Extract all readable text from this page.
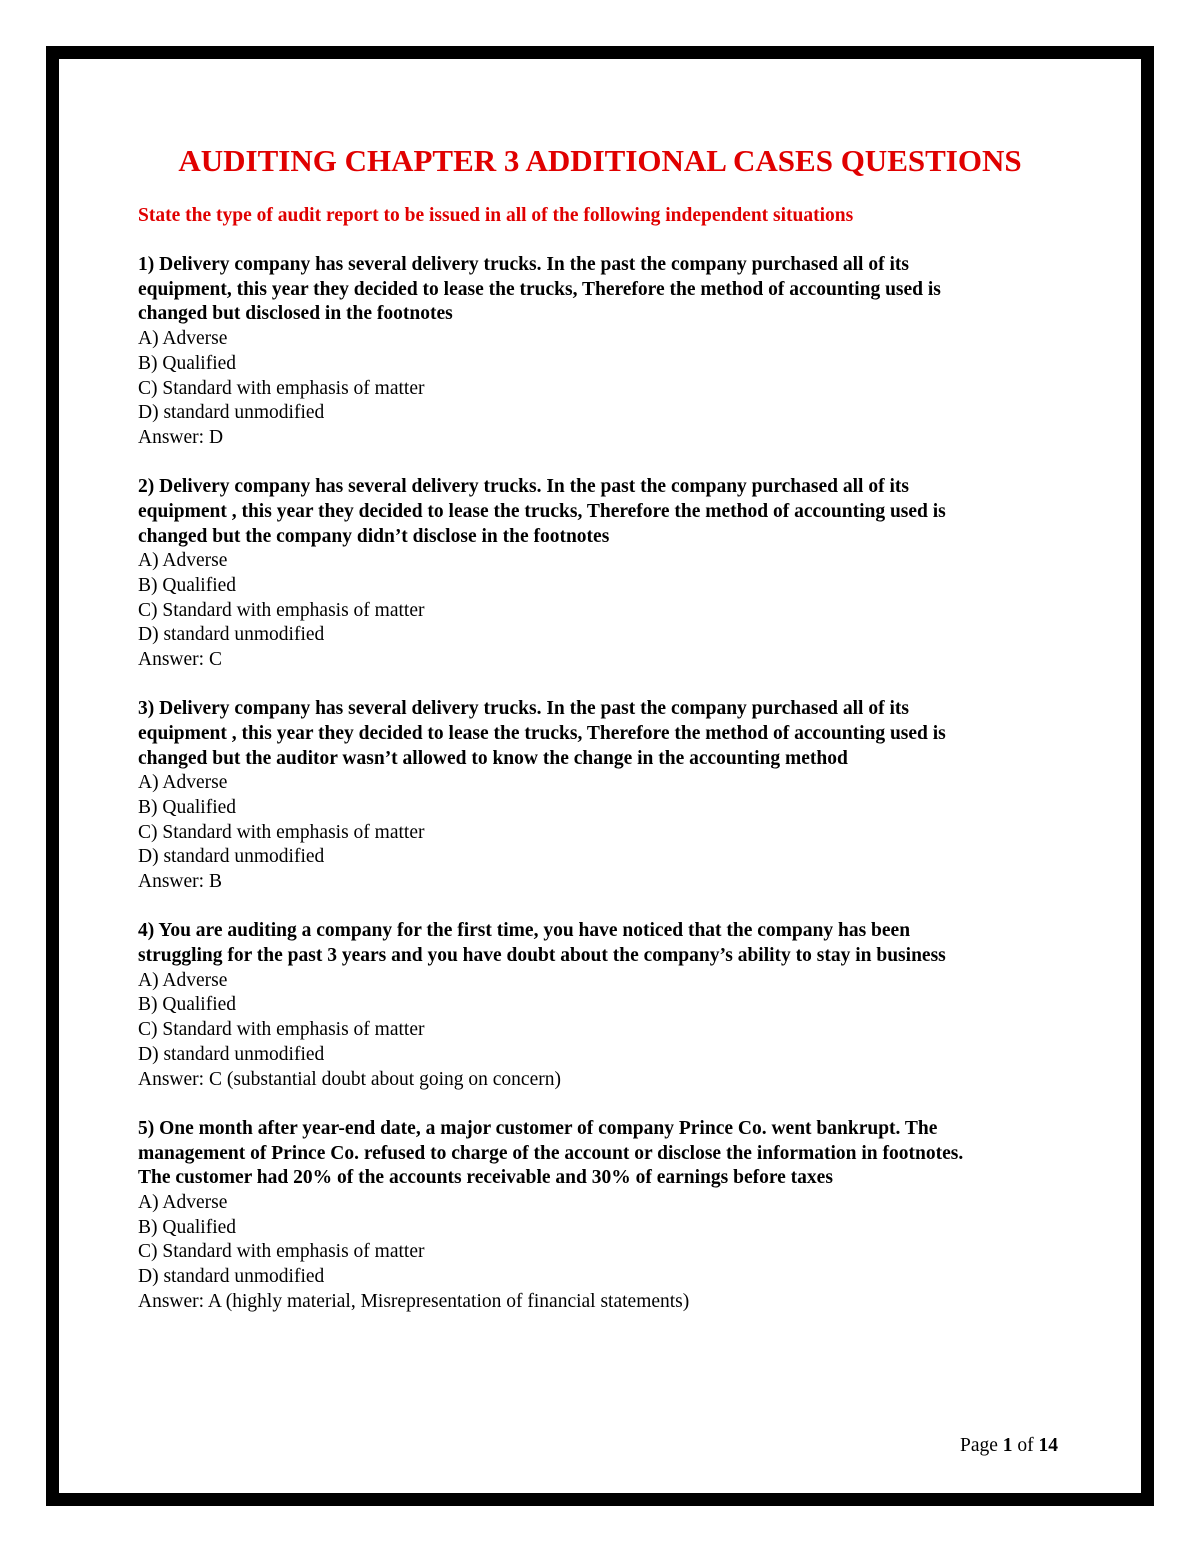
AUDITING CHAPTER 3 ADDITIONAL CASES QUESTIONS

State the type of audit report to be issued in all of the following independent situations

1) Delivery company has several delivery trucks. In the past the company purchased all of its
equipment, this year they decided to lease the trucks, Therefore the method of accounting used is
changed but disclosed in the footnotes
A) Adverse
B) Qualified
C) Standard with emphasis of matter
D) standard unmodified
Answer: D
2) Delivery company has several delivery trucks. In the past the company purchased all of its
equipment , this year they decided to lease the trucks, Therefore the method of accounting used is
changed but the company didn’t disclose in the footnotes
A) Adverse
B) Qualified
C) Standard with emphasis of matter
D) standard unmodified
Answer: C
3) Delivery company has several delivery trucks. In the past the company purchased all of its
equipment , this year they decided to lease the trucks, Therefore the method of accounting used is
changed but the auditor wasn’t allowed to know the change in the accounting method
A) Adverse
B) Qualified
C) Standard with emphasis of matter
D) standard unmodified
Answer: B
4) You are auditing a company for the first time, you have noticed that the company has been
struggling for the past 3 years and you have doubt about the company’s ability to stay in business
A) Adverse
B) Qualified
C) Standard with emphasis of matter
D) standard unmodified
Answer: C (substantial doubt about going on concern)
5) One month after year-end date, a major customer of company Prince Co. went bankrupt. The
management of Prince Co. refused to charge of the account or disclose the information in footnotes.
The customer had 20% of the accounts receivable and 30% of earnings before taxes
A) Adverse
B) Qualified
C) Standard with emphasis of matter
D) standard unmodified
Answer: A (highly material, Misrepresentation of financial statements)
Page 1 of 14
